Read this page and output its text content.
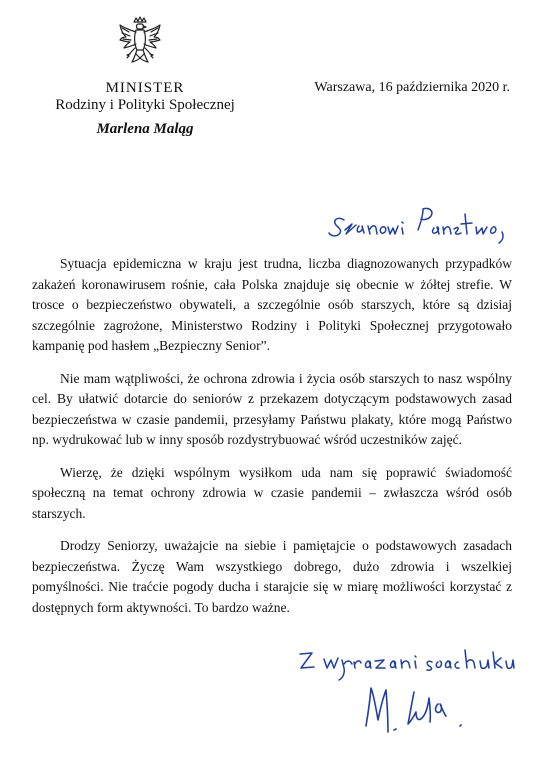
MINISTER
Rodziny i Polityki Społecznej
Marlena Maląg
Warszawa, 16 października 2020 r.

Sytuacja epidemiczna w kraju jest trudna, liczba diagnozowanych przypadków zakażeń koronawirusem rośnie, cała Polska znajduje się obecnie w żółtej strefie. W trosce o bezpieczeństwo obywateli, a szczególnie osób starszych, które są dzisiaj szczególnie zagrożone, Ministerstwo Rodziny i Polityki Społecznej przygotowało kampanię pod hasłem „Bezpieczny Senior”.

Nie mam wątpliwości, że ochrona zdrowia i życia osób starszych to nasz wspólny cel. By ułatwić dotarcie do seniorów z przekazem dotyczącym podstawowych zasad bezpieczeństwa w czasie pandemii, przesyłamy Państwu plakaty, które mogą Państwo np. wydrukować lub w inny sposób rozdystrybuować wśród uczestników zajęć.

Wierzę, że dzięki wspólnym wysiłkom uda nam się poprawić świadomość społeczną na temat ochrony zdrowia w czasie pandemii – zwłaszcza wśród osób starszych.

Drodzy Seniorzy, uważajcie na siebie i pamiętajcie o podstawowych zasadach bezpieczeństwa. Życzę Wam wszystkiego dobrego, dużo zdrowia i wszelkiej pomyślności. Nie traćcie pogody ducha i starajcie się w miarę możliwości korzystać z dostępnych form aktywności. To bardzo ważne.
